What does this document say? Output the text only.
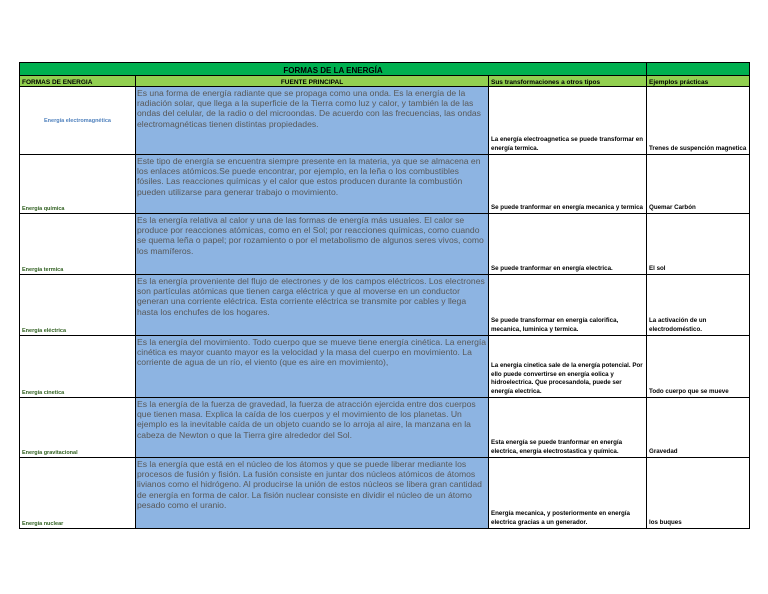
FORMAS DE LA ENERGÍA			
FORMAS DE ENERGIA	FUENTE PRINCIPAL	Sus transformaciones a otros tipos	Ejemplos prácticas
Energía electromagnética	Es una forma de energía radiante que se propaga como una onda. Es la energía de la radiación solar, que llega a la superficie de la Tierra como luz y calor, y también la de las ondas del celular, de la radio o del microondas. De acuerdo con las frecuencias, las ondas electromagnéticas tienen distintas propiedades.	La energía electroagnetica se puede transformar en energía termica.	Trenes de suspención magnetica
Energía química	Este tipo de energía se encuentra siempre presente en la materia, ya que se almacena en los enlaces atómicos.Se puede encontrar, por ejemplo, en la leña o los combustibles fósiles. Las reacciones químicas y el calor que estos producen durante la combustión pueden utilizarse para generar trabajo o movimiento.	Se puede tranformar en energía mecanica y termica	Quemar Carbón
Energía termica	Es la energía relativa al calor y una de las formas de energía más usuales. El calor se produce por reacciones atómicas, como en el Sol; por reacciones químicas, como cuando se quema leña o papel; por rozamiento o por el metabolismo de algunos seres vivos, como los mamíferos.	Se puede tranformar en energía electrica.	El sol
Energía eléctrica	Es la energía proveniente del flujo de electrones y de los campos eléctricos. Los electrones son partículas atómicas que tienen carga eléctrica y que al moverse en un conductor generan una corriente eléctrica. Esta corriente eléctrica se transmite por cables y llega hasta los enchufes de los hogares.	Se puede transformar en energía calorifica, mecanica, luminica y termica.	La activación de un electrodoméstico.
Energía cinetica	Es la energía del movimiento. Todo cuerpo que se mueve tiene energía cinética. La energía cinética es mayor cuanto mayor es la velocidad y la masa del cuerpo en movimiento. La corriente de agua de un río, el viento (que es aire en movimiento),	La energia cinetica sale de la energía potencial. Por ello puede convertirse en energía eolica y hidroelectrica. Que procesandola, puede ser energía electrica.	Todo cuerpo que se mueve
Energía gravitacional	Es la energía de la fuerza de gravedad, la fuerza de atracción ejercida entre dos cuerpos que tienen masa. Explica la caída de los cuerpos y el movimiento de los planetas. Un ejemplo es la inevitable caída de un objeto cuando se lo arroja al aire, la manzana en la cabeza de Newton o que la Tierra gire alrededor del Sol.	Esta energía se puede tranformar en energía electrica, energía electrostastica y química.	Gravedad
Energía nuclear	Es la energía que está en el núcleo de los átomos y que se puede liberar mediante los procesos de fusión y fisión. La fusión consiste en juntar dos núcleos atómicos de átomos livianos como el hidrógeno. Al producirse la unión de estos núcleos se libera gran cantidad de energía en forma de calor. La fisión nuclear consiste en dividir el núcleo de un átomo pesado como el uranio.	Energía mecanica, y posteriormente en energía electrica gracias a un generador.	los buques
